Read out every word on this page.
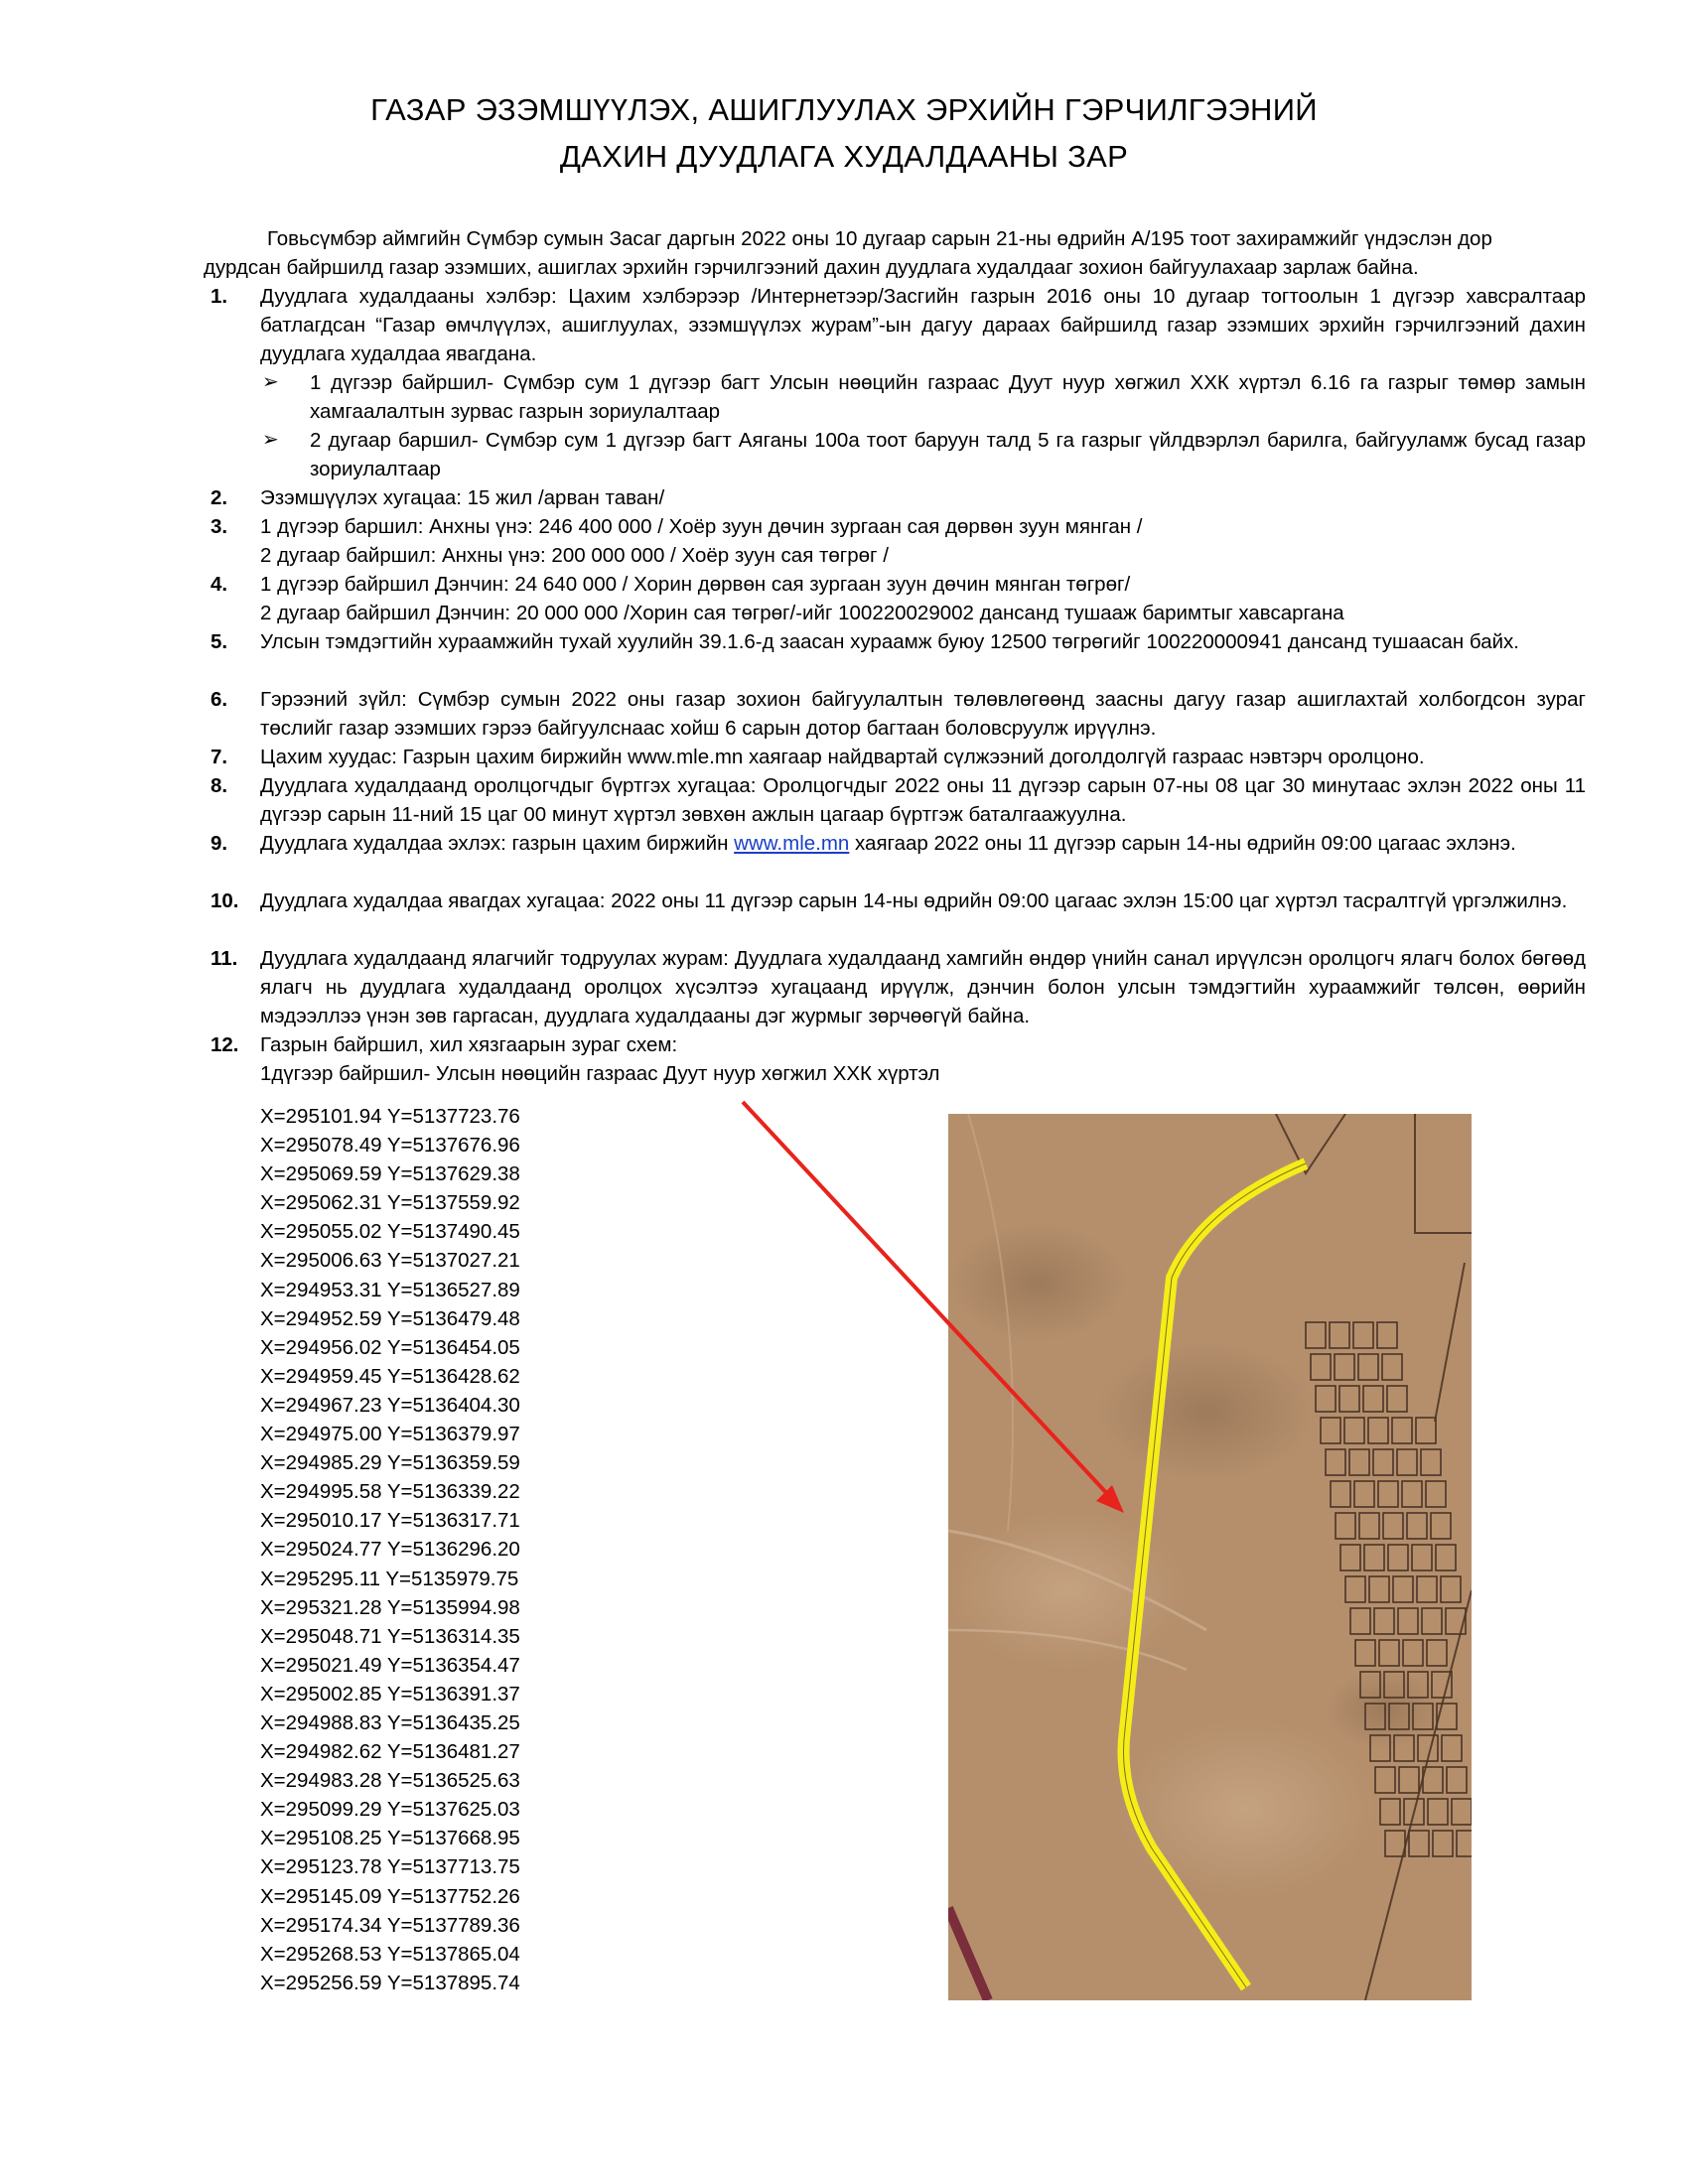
ГАЗАР ЭЗЭМШҮҮЛЭХ, АШИГЛУУЛАХ ЭРХИЙН ГЭРЧИЛГЭЭНИЙ
ДАХИН ДУУДЛАГА ХУДАЛДААНЫ ЗАР
Говьсүмбэр аймгийн Сүмбэр сумын Засаг даргын 2022 оны 10 дугаар сарын 21-ны өдрийн А/195 тоот захирамжийг үндэслэн дор
дурдсан байршилд газар эзэмших, ашиглах эрхийн гэрчилгээний дахин дуудлага худалдааг зохион байгуулахаар зарлаж байна.
1.	Дуудлага худалдааны хэлбэр: Цахим хэлбэрээр /Интернетээр/Засгийн газрын 2016 оны 10 дугаар тогтоолын 1 дүгээр хавсралтаар батлагдсан “Газар өмчлүүлэх, ашиглуулах, эзэмшүүлэх журам”-ын дагуу дараах байршилд газар эзэмших эрхийн гэрчилгээний дахин дуудлага худалдаа явагдана.
➢ 1 дүгээр байршил- Сүмбэр сум 1 дүгээр багт Улсын нөөцийн газраас Дуут нуур хөгжил ХХК хүртэл 6.16 га газрыг төмөр замын хамгаалалтын зурвас газрын зориулалтаар
➢ 2 дугаар баршил- Сүмбэр сум 1 дүгээр багт Аяганы 100а тоот баруун талд 5 га газрыг үйлдвэрлэл барилга, байгууламж бусад газар зориулалтаар
2.	Эзэмшүүлэх хугацаа: 15 жил /арван таван/
3.	1 дүгээр баршил: Анхны үнэ: 246 400 000 / Хоёр зуун дөчин зургаан сая дөрвөн зуун мянган /
2 дугаар байршил: Анхны үнэ: 200 000 000 / Хоёр зуун сая төгрөг /
4.	1 дүгээр байршил Дэнчин: 24 640 000 / Хорин дөрвөн сая зургаан зуун дөчин мянган төгрөг/
2 дугаар байршил Дэнчин: 20 000 000 /Хорин сая төгрөг/-ийг 100220029002 дансанд тушааж баримтыг хавсаргана
5.	Улсын тэмдэгтийн хураамжийн тухай хуулийн 39.1.6-д заасан хураамж буюу 12500 төгрөгийг 100220000941 дансанд тушаасан байх.
6.	Гэрээний зүйл: Сүмбэр сумын 2022 оны газар зохион байгуулалтын төлөвлөгөөнд заасны дагуу газар ашиглахтай холбогдсон зураг төслийг газар эзэмших гэрээ байгуулснаас хойш 6 сарын дотор багтаан боловсруулж ирүүлнэ.
7.	Цахим хуудас: Газрын цахим биржийн www.mle.mn хаягаар найдвартай сүлжээний доголдолгүй газраас нэвтэрч оролцоно.
8.	Дуудлага худалдаанд оролцогчдыг бүртгэх хугацаа: Оролцогчдыг 2022 оны 11 дүгээр сарын 07-ны 08 цаг 30 минутаас эхлэн 2022 оны 11 дүгээр сарын 11-ний 15 цаг 00 минут хүртэл зөвхөн ажлын цагаар бүртгэж баталгаажуулна.
9.	Дуудлага худалдаа эхлэх: газрын цахим биржийн www.mle.mn хаягаар 2022 оны 11 дүгээр сарын 14-ны өдрийн 09:00 цагаас эхлэнэ.
10.	Дуудлага худалдаа явагдах хугацаа: 2022 оны 11 дүгээр сарын 14-ны өдрийн 09:00 цагаас эхлэн 15:00 цаг хүртэл тасралтгүй үргэлжилнэ.
11.	Дуудлага худалдаанд ялагчийг тодруулах журам: Дуудлага худалдаанд хамгийн өндөр үнийн санал ирүүлсэн оролцогч ялагч болох бөгөөд ялагч нь дуудлага худалдаанд оролцох хүсэлтээ хугацаанд ирүүлж, дэнчин болон улсын тэмдэгтийн хураамжийг төлсөн, өөрийн мэдээллээ үнэн зөв гаргасан, дуудлага худалдааны дэг журмыг зөрчөөгүй байна.
12.	Газрын байршил, хил хязгаарын зураг схем:
1дүгээр байршил- Улсын нөөцийн газраас Дуут нуур хөгжил ХХК хүртэл
X=295101.94 Y=5137723.76
X=295078.49 Y=5137676.96
X=295069.59 Y=5137629.38
X=295062.31 Y=5137559.92
X=295055.02 Y=5137490.45
X=295006.63 Y=5137027.21
X=294953.31 Y=5136527.89
X=294952.59 Y=5136479.48
X=294956.02 Y=5136454.05
X=294959.45 Y=5136428.62
X=294967.23 Y=5136404.30
X=294975.00 Y=5136379.97
X=294985.29 Y=5136359.59
X=294995.58 Y=5136339.22
X=295010.17 Y=5136317.71
X=295024.77 Y=5136296.20
X=295295.11 Y=5135979.75
X=295321.28 Y=5135994.98
X=295048.71 Y=5136314.35
X=295021.49 Y=5136354.47
X=295002.85 Y=5136391.37
X=294988.83 Y=5136435.25
X=294982.62 Y=5136481.27
X=294983.28 Y=5136525.63
X=295099.29 Y=5137625.03
X=295108.25 Y=5137668.95
X=295123.78 Y=5137713.75
X=295145.09 Y=5137752.26
X=295174.34 Y=5137789.36
X=295268.53 Y=5137865.04
X=295256.59 Y=5137895.74
